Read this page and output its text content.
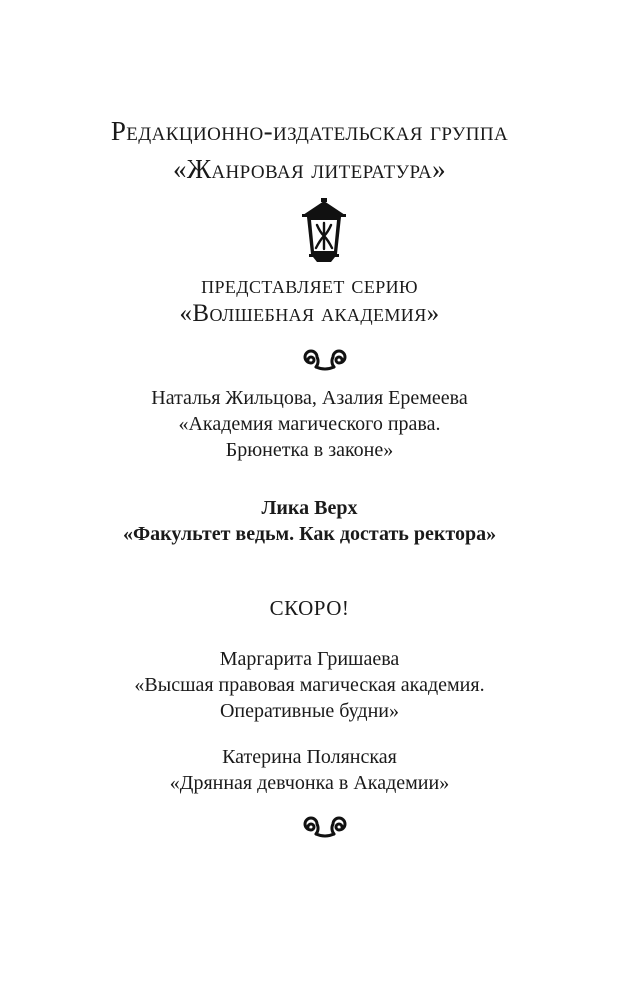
Редакционно-издательская группа
«Жанровая литература»
представляет серию
«Волшебная академия»
Наталья Жильцова, Азалия Еремеева
«Академия магического права.
Брюнетка в законе»
Лика Верх
«Факультет ведьм. Как достать ректора»
СКОРО!
Маргарита Гришаева
«Высшая правовая магическая академия.
Оперативные будни»
Катерина Полянская
«Дрянная девчонка в Академии»
